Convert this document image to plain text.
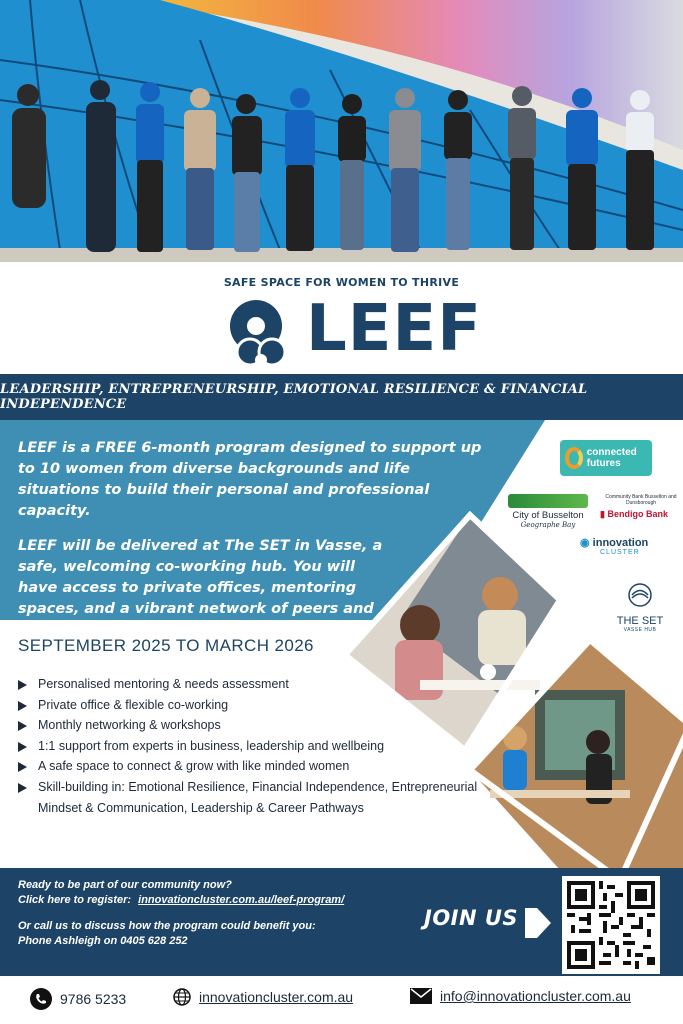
SAFE SPACE FOR WOMEN TO THRIVE
LEEF
LEADERSHIP, ENTREPRENEURSHIP, EMOTIONAL RESILIENCE & FINANCIAL INDEPENDENCE

LEEF is a FREE 6-month program designed to support up to 10 women from diverse backgrounds and life situations to build their personal and professional capacity.

LEEF will be delivered at The SET in Vasse, a safe, welcoming co-working hub. You will have access to private offices, mentoring spaces, and a vibrant network of peers and professionals.

SEPTEMBER 2025 TO MARCH 2026
Personalised mentoring & needs assessment
Private office & flexible co-working
Monthly networking & workshops
1:1 support from experts in business, leadership and wellbeing
A safe space to connect & grow with like minded women
Skill-building in: Emotional Resilience, Financial Independence, Entrepreneurial Mindset & Communication, Leadership & Career Pathways
connected futures
City of Busselton
Geographe Bay
Community Bank Busselton and Dunsborough
▮ Bendigo Bank
◉ innovation
CLUSTER
THE SET
VASSE HUB
Ready to be part of our community now?
Click here to register: innovationcluster.com.au/leef-program/
Or call us to discuss how the program could benefit you:
Phone Ashleigh on 0405 628 252
JOIN US
9786 5233	innovationcluster.com.au	info@innovationcluster.com.au
